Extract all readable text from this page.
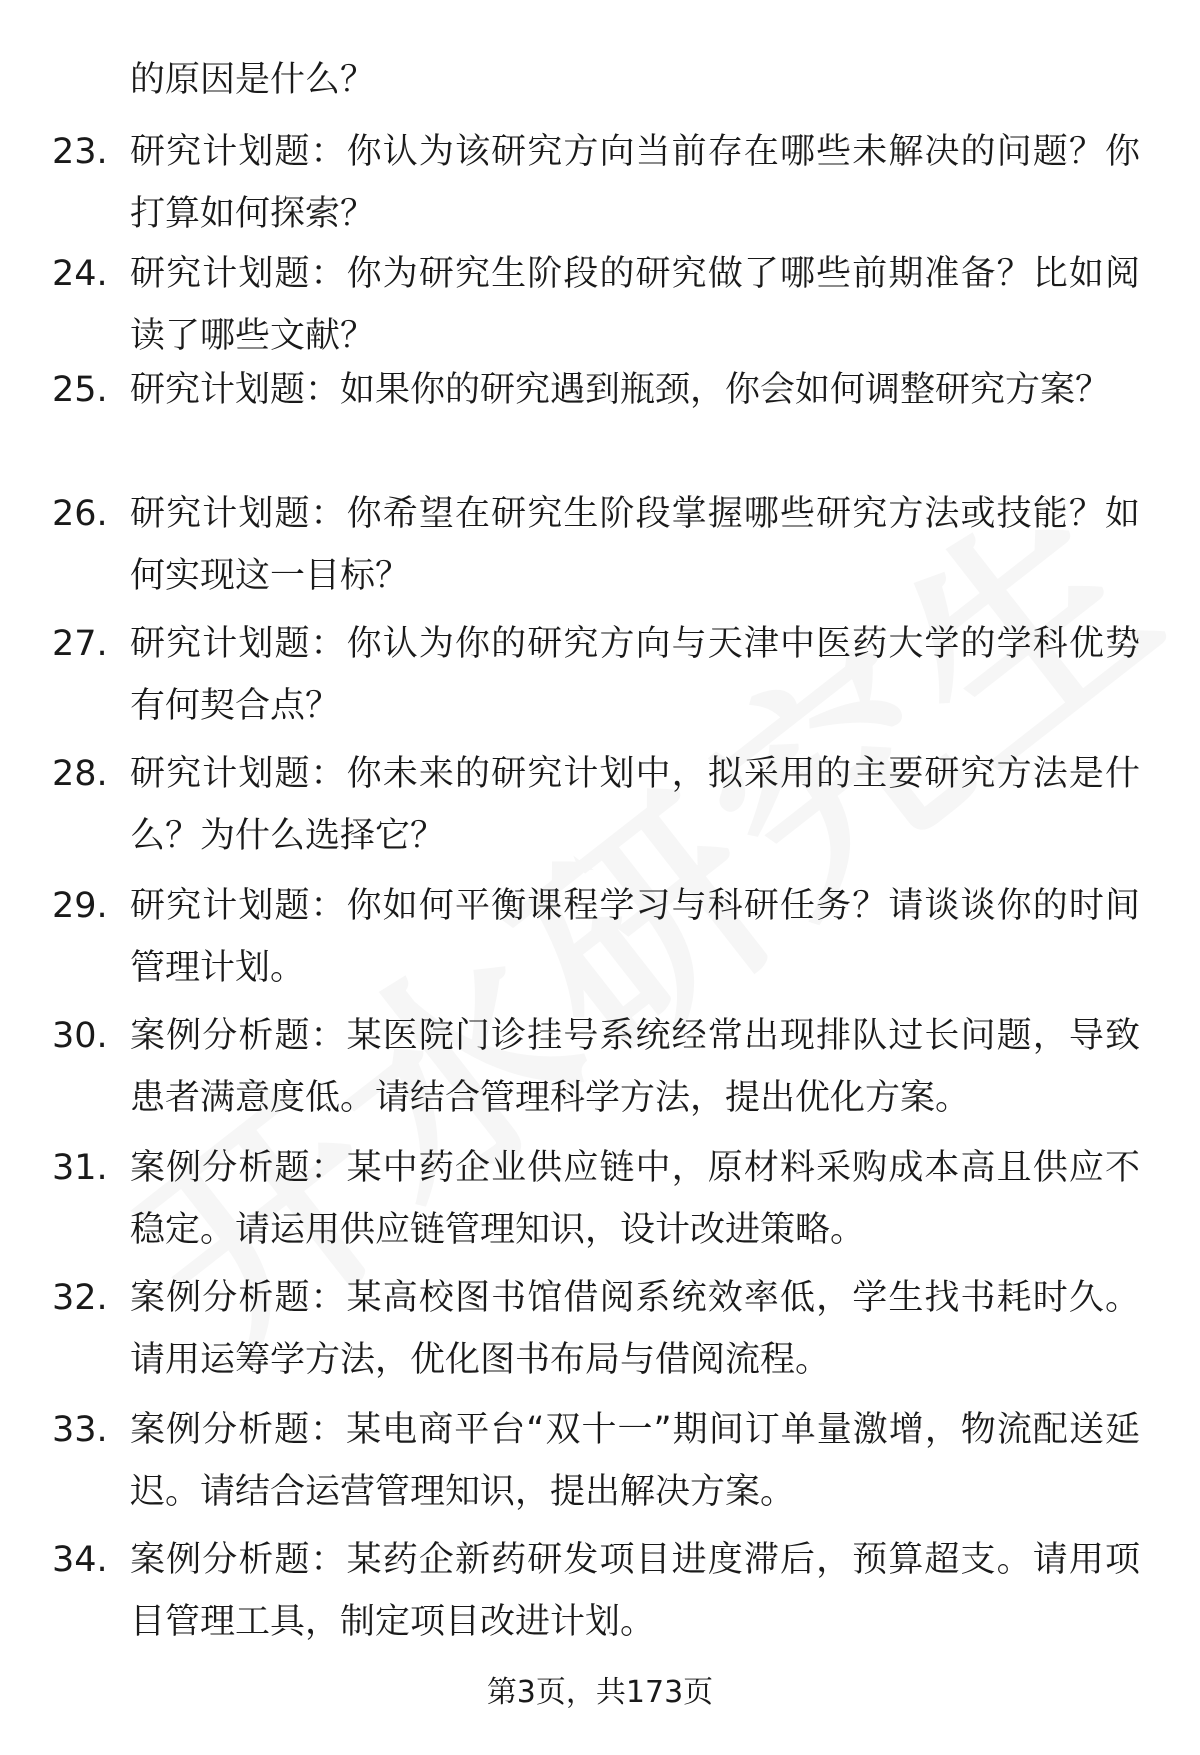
的原因是什么？
23. 研究计划题：你认为该研究方向当前存在哪些未解决的问题？你打算如何探索？
24. 研究计划题：你为研究生阶段的研究做了哪些前期准备？比如阅读了哪些文献？
25. 研究计划题：如果你的研究遇到瓶颈，你会如何调整研究方案？
26. 研究计划题：你希望在研究生阶段掌握哪些研究方法或技能？如何实现这一目标？
27. 研究计划题：你认为你的研究方向与天津中医药大学的学科优势有何契合点？
28. 研究计划题：你未来的研究计划中，拟采用的主要研究方法是什么？为什么选择它？
29. 研究计划题：你如何平衡课程学习与科研任务？请谈谈你的时间管理计划。
30. 案例分析题：某医院门诊挂号系统经常出现排队过长问题，导致患者满意度低。请结合管理科学方法，提出优化方案。
31. 案例分析题：某中药企业供应链中，原材料采购成本高且供应不稳定。请运用供应链管理知识，设计改进策略。
32. 案例分析题：某高校图书馆借阅系统效率低，学生找书耗时久。请用运筹学方法，优化图书布局与借阅流程。
33. 案例分析题：某电商平台“双十一”期间订单量激增，物流配送延迟。请结合运营管理知识，提出解决方案。
34. 案例分析题：某药企新药研发项目进度滞后，预算超支。请用项目管理工具，制定项目改进计划。
第3页，共173页
